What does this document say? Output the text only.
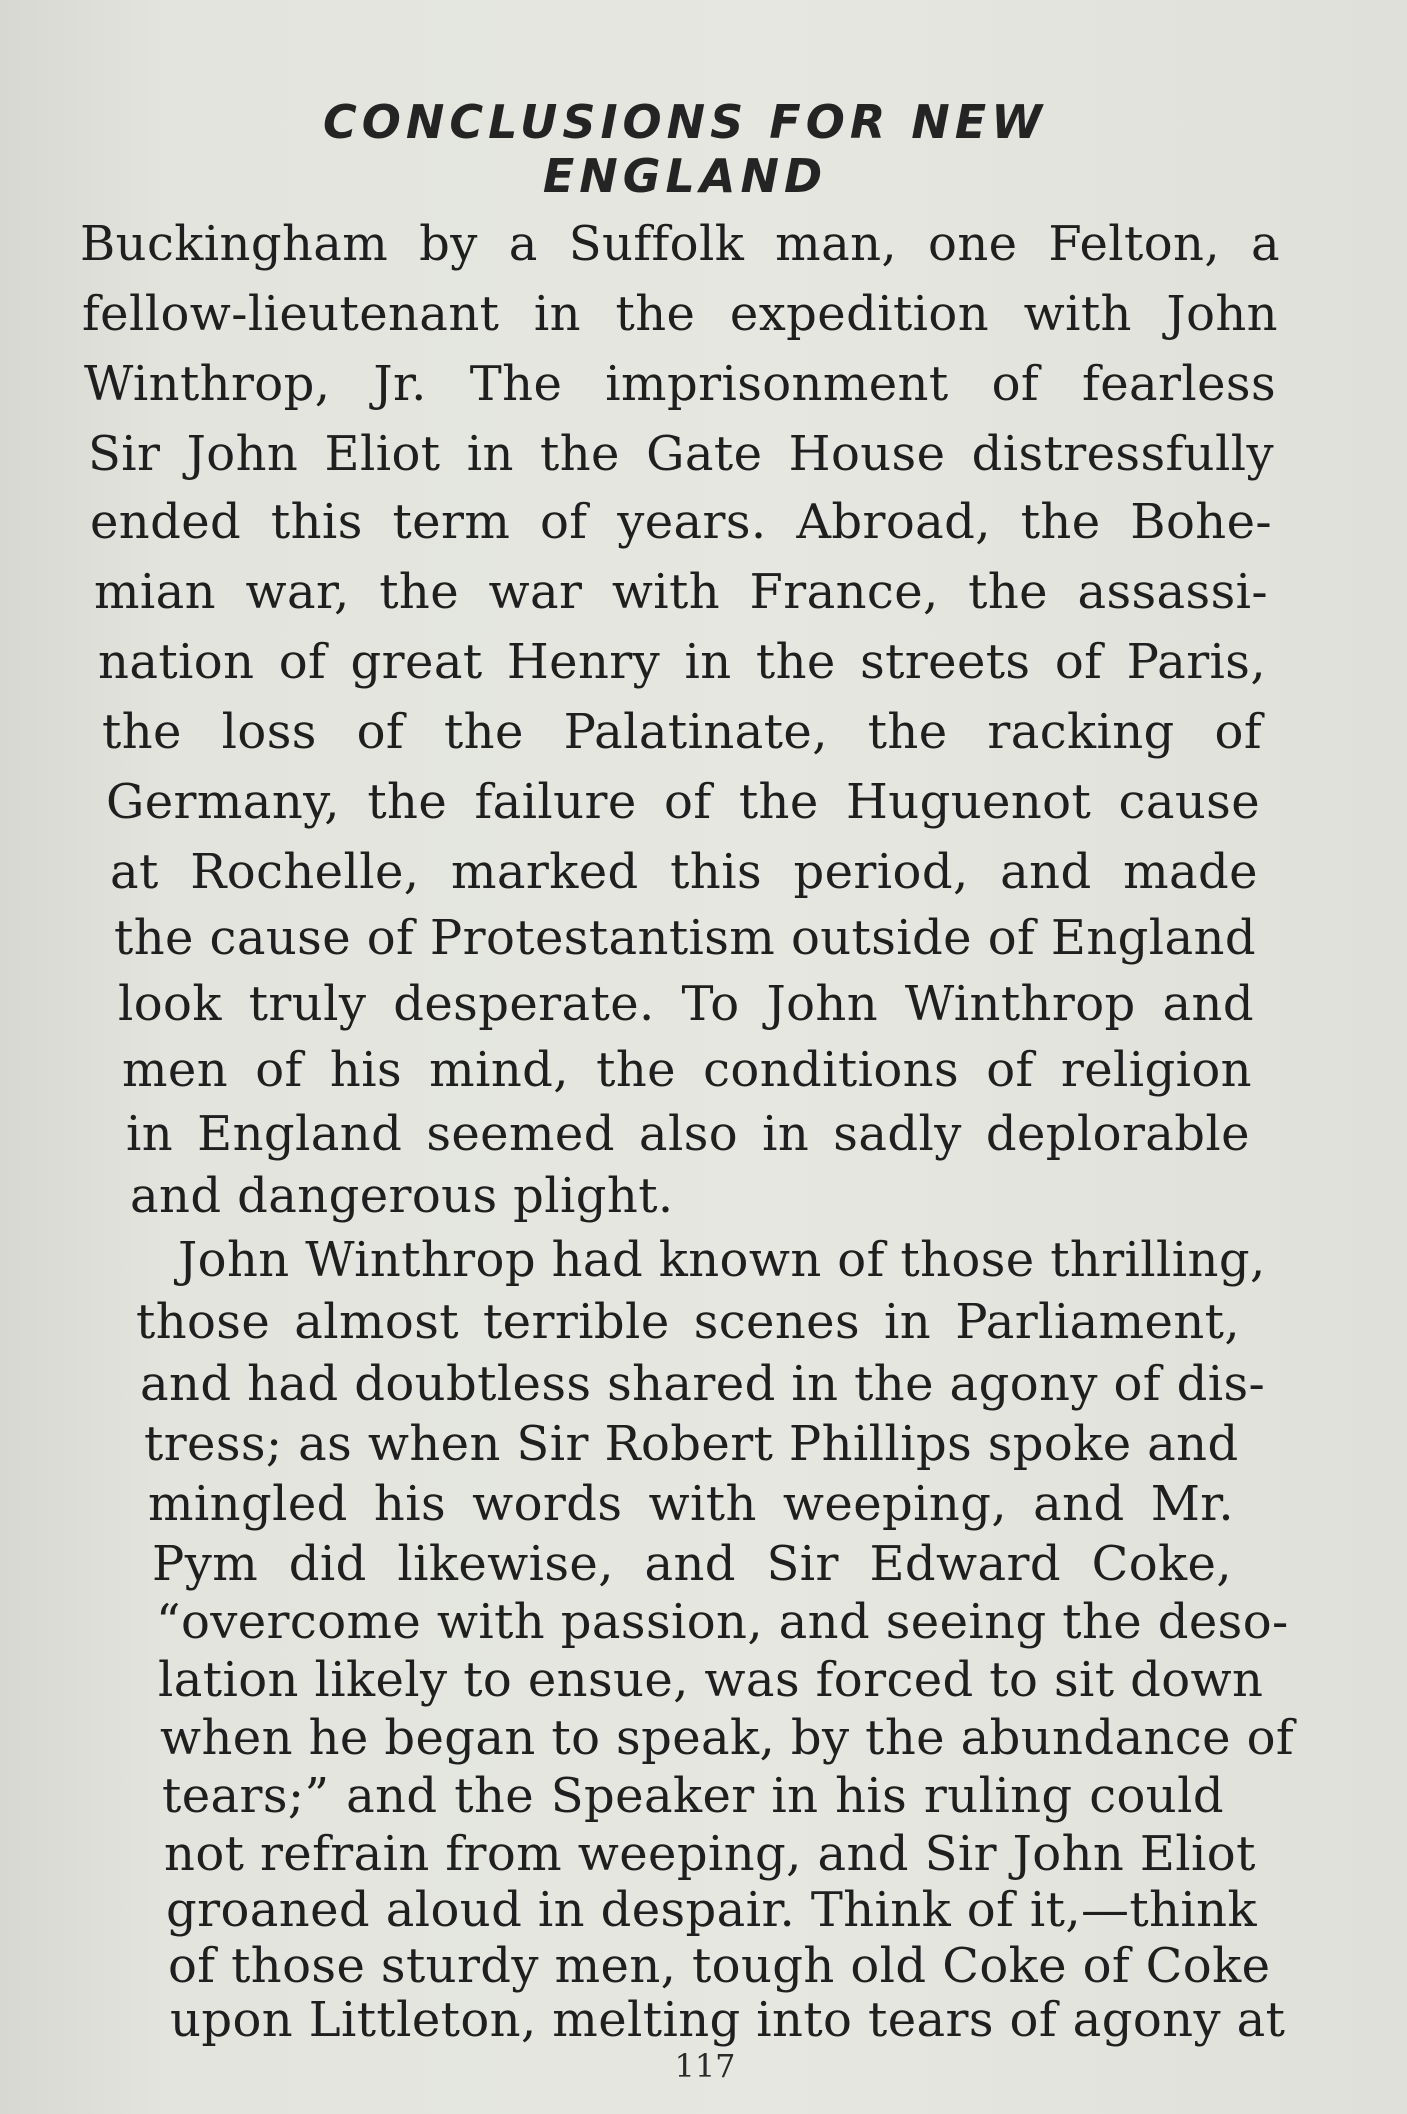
CONCLUSIONS FOR NEW ENGLAND
Buckingham by a Suffolk man, one Felton, a
fellow-lieutenant in the expedition with John
Winthrop, Jr. The imprisonment of fearless
Sir John Eliot in the Gate House distressfully
ended this term of years. Abroad, the Bohe-
mian war, the war with France, the assassi-
nation of great Henry in the streets of Paris,
the loss of the Palatinate, the racking of
Germany, the failure of the Huguenot cause
at Rochelle, marked this period, and made
the cause of Protestantism outside of England
look truly desperate. To John Winthrop and
men of his mind, the conditions of religion
in England seemed also in sadly deplorable
and dangerous plight.
John Winthrop had known of those thrilling,
those almost terrible scenes in Parliament,
and had doubtless shared in the agony of dis-
tress; as when Sir Robert Phillips spoke and
mingled his words with weeping, and Mr.
Pym did likewise, and Sir Edward Coke,
“overcome with passion, and seeing the deso-
lation likely to ensue, was forced to sit down
when he began to speak, by the abundance of
tears;” and the Speaker in his ruling could
not refrain from weeping, and Sir John Eliot
groaned aloud in despair. Think of it,—think
of those sturdy men, tough old Coke of Coke
upon Littleton, melting into tears of agony at
117
